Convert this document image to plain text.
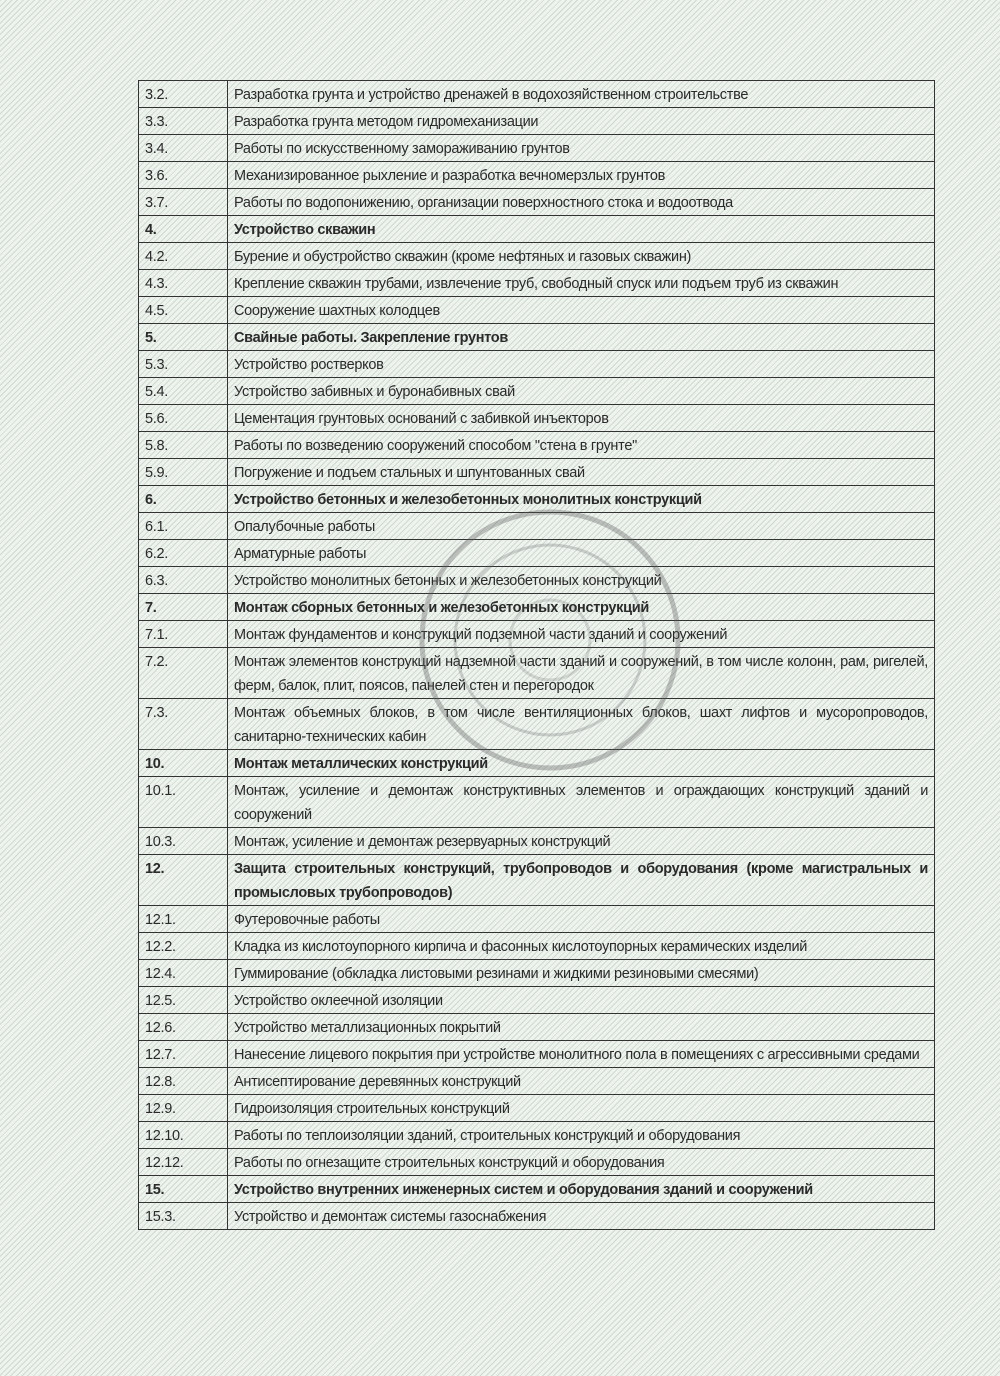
3.2.	Разработка грунта и устройство дренажей в водохозяйственном строительстве
3.3.	Разработка грунта методом гидромеханизации
3.4.	Работы по искусственному замораживанию грунтов
3.6.	Механизированное рыхление и разработка вечномерзлых грунтов
3.7.	Работы по водопонижению, организации поверхностного стока и водоотвода
4.	Устройство скважин
4.2.	Бурение и обустройство скважин (кроме нефтяных и газовых скважин)
4.3.	Крепление скважин трубами, извлечение труб, свободный спуск или подъем труб из скважин
4.5.	Сооружение шахтных колодцев
5.	Свайные работы. Закрепление грунтов
5.3.	Устройство ростверков
5.4.	Устройство забивных и буронабивных свай
5.6.	Цементация грунтовых оснований с забивкой инъекторов
5.8.	Работы по возведению сооружений способом "стена в грунте"
5.9.	Погружение и подъем стальных и шпунтованных свай
6.	Устройство бетонных и железобетонных монолитных конструкций
6.1.	Опалубочные работы
6.2.	Арматурные работы
6.3.	Устройство монолитных бетонных и железобетонных конструкций
7.	Монтаж сборных бетонных и железобетонных конструкций
7.1.	Монтаж фундаментов и конструкций подземной части зданий и сооружений
7.2.	Монтаж элементов конструкций надземной части зданий и сооружений, в том числе колонн, рам, ригелей, ферм, балок, плит, поясов, панелей стен и перегородок
7.3.	Монтаж объемных блоков, в том числе вентиляционных блоков, шахт лифтов и мусоропроводов, санитарно-технических кабин
10.	Монтаж металлических конструкций
10.1.	Монтаж, усиление и демонтаж конструктивных элементов и ограждающих конструкций зданий и сооружений
10.3.	Монтаж, усиление и демонтаж резервуарных конструкций
12.	Защита строительных конструкций, трубопроводов и оборудования (кроме магистральных и промысловых трубопроводов)
12.1.	Футеровочные работы
12.2.	Кладка из кислотоупорного кирпича и фасонных кислотоупорных керамических изделий
12.4.	Гуммирование (обкладка листовыми резинами и жидкими резиновыми смесями)
12.5.	Устройство оклеечной изоляции
12.6.	Устройство металлизационных покрытий
12.7.	Нанесение лицевого покрытия при устройстве монолитного пола в помещениях с агрессивными средами
12.8.	Антисептирование деревянных конструкций
12.9.	Гидроизоляция строительных конструкций
12.10.	Работы по теплоизоляции зданий, строительных конструкций и оборудования
12.12.	Работы по огнезащите строительных конструкций и оборудования
15.	Устройство внутренних инженерных систем и оборудования зданий и сооружений
15.3.	Устройство и демонтаж системы газоснабжения
